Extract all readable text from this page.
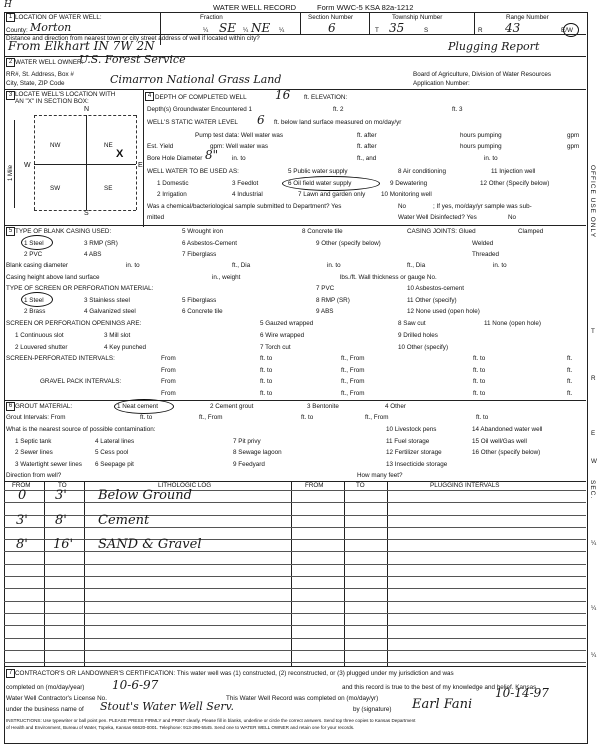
H	WATER WELL RECORD	Form WWC-5 KSA 82a-1212
1 LOCATION OF WATER WELL:	Fraction	Section Number	Township Number	Range Number
County: Morton	¼ SE ¼ NE ¼	6	T 35	S	R 43	E/W
Distance and direction from nearest town or city street address of well if located within city?
From Elkhart IN 7W 2N	Plugging Report
2 WATER WELL OWNER:
U.S. Forest Service
RR#, St. Address, Box #
City, State, ZIP Code	Cimarron National Grass Land	Board of Agriculture, Division of Water Resources
Application Number:
3 LOCATE WELL'S LOCATION WITH
AN "X" IN SECTION BOX:
N
S
W	E
NW	NE
SW	SE
X
1 Mile
4 DEPTH OF COMPLETED WELL 16 ft. ELEVATION:
Depth(s) Groundwater Encountered 1	ft. 2	ft. 3
WELL'S STATIC WATER LEVEL 6 ft. below land surface measured on mo/day/yr
Pump test data: Well water was	ft. after	hours pumping	gpm
Est. Yield	gpm: Well water was	ft. after	hours pumping	gpm
Bore Hole Diameter 8" in. to	ft., and	in. to
WELL WATER TO BE USED AS:	5 Public water supply	8 Air conditioning	11 Injection well
1 Domestic	3 Feedlot	6 Oil field water supply	9 Dewatering	12 Other (Specify below)
2 Irrigation	4 Industrial	7 Lawn and garden only	10 Monitoring well
Was a chemical/bacteriological sample submitted to Department? Yes	No	; If yes, mo/day/yr sample was sub-
mitted	Water Well Disinfected? Yes	No
5 TYPE OF BLANK CASING USED:	5 Wrought iron	8 Concrete tile	CASING JOINTS: Glued	Clamped
1 Steel	3 RMP (SR)	6 Asbestos-Cement	9 Other (specify below)	Welded
2 PVC	4 ABS	7 Fiberglass	Threaded
Blank casing diameter	in. to	ft., Dia	in. to	ft., Dia	in. to
Casing height above land surface	in., weight	lbs./ft. Wall thickness or gauge No.
TYPE OF SCREEN OR PERFORATION MATERIAL:	7 PVC	10 Asbestos-cement
1 Steel	3 Stainless steel	5 Fiberglass	8 RMP (SR)	11 Other (specify)
2 Brass	4 Galvanized steel	6 Concrete tile	9 ABS	12 None used (open hole)
SCREEN OR PERFORATION OPENINGS ARE:	5 Gauzed wrapped	8 Saw cut	11 None (open hole)
1 Continuous slot	3 Mill slot	6 Wire wrapped	9 Drilled holes
2 Louvered shutter	4 Key punched	7 Torch cut	10 Other (specify)
SCREEN-PERFORATED INTERVALS:	From	ft. to	ft., From	ft. to	ft.
From	ft. to	ft., From	ft. to	ft.
GRAVEL PACK INTERVALS:	From	ft. to	ft., From	ft. to	ft.
From	ft. to	ft., From	ft. to	ft.
6 GROUT MATERIAL:	1 Neat cement	2 Cement grout	3 Bentonite	4 Other
Grout Intervals: From	ft. to	ft., From	ft. to	ft., From	ft. to
What is the nearest source of possible contamination:	10 Livestock pens	14 Abandoned water well
1 Septic tank	4 Lateral lines	7 Pit privy	11 Fuel storage	15 Oil well/Gas well
2 Sewer lines	5 Cess pool	8 Sewage lagoon	12 Fertilizer storage	16 Other (specify below)
3 Watertight sewer lines 6 Seepage pit	9 Feedyard	13 Insecticide storage
Direction from well?	How many feet?
FROM	TO	LITHOLOGIC LOG	FROM	TO	PLUGGING INTERVALS
0 3' Below Ground
3' 8' Cement
8' 16' SAND & Gravel
7 CONTRACTOR'S OR LANDOWNER'S CERTIFICATION: This water well was (1) constructed, (2) reconstructed, or (3) plugged under my jurisdiction and was
completed on (mo/day/year) 10-6-97	and this record is true to the best of my knowledge and belief. Kansas
Water Well Contractor's License No.	This Water Well Record was completed on (mo/day/yr)	10-14-97
under the business name of Stout's Water Well Serv.	by (signature) Earl Fani
INSTRUCTIONS: Use typewriter or ball point pen. PLEASE PRESS FIRMLY and PRINT clearly. Please fill in blanks, underline or circle the correct answers. Send top three copies to Kansas Department
of Health and Environment, Bureau of Water, Topeka, Kansas 66620-0001. Telephone: 913-296-5545. Send one to WATER WELL OWNER and retain one for your records.
OFFICE USE ONLY
T
R
E
W
SEC.
¼
¼
¼
